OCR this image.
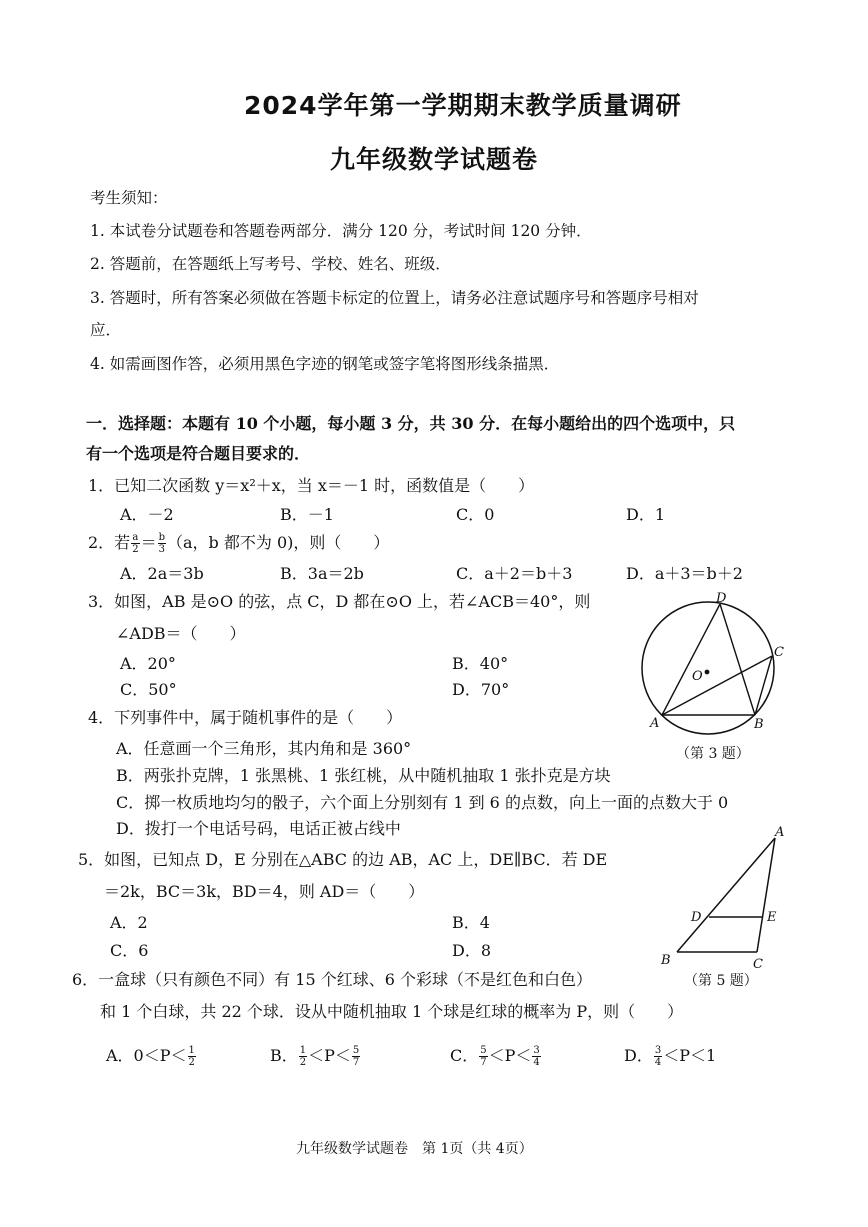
2024学年第一学期期末教学质量调研
九年级数学试题卷
考生须知：
1. 本试卷分试题卷和答题卷两部分．满分 120 分，考试时间 120 分钟．
2. 答题前，在答题纸上写考号、学校、姓名、班级．
3. 答题时，所有答案必须做在答题卡标定的位置上，请务必注意试题序号和答题序号相对
应．
4. 如需画图作答，必须用黑色字迹的钢笔或签字笔将图形线条描黑．
一．选择题：本题有 10 个小题，每小题 3 分，共 30 分．在每小题给出的四个选项中，只
有一个选项是符合题目要求的．
1．已知二次函数 y＝x²＋x，当 x＝－1 时，函数值是（　　）
A．－2	B．－1	C．0	D．1
2．若 $\frac{a}{2} = \frac{b}{3} (a$，b 都不为 0)，则（　　）
A．2a＝3b	B．3a＝2b	C．a＋2＝b＋3	D．a＋3＝b＋2
3．如图，AB 是⊙O 的弦，点 C，D 都在⊙O 上，若∠ACB＝40°，则
∠ADB＝（　　）
A．20°	B．40°
C．50°	D．70°
D
C
O
A	B
（第 3 题）
4．下列事件中，属于随机事件的是（　　）
A．任意画一个三角形，其内角和是 360°
B．两张扑克牌，1 张黑桃、1 张红桃，从中随机抽取 1 张扑克是方块
C．掷一枚质地均匀的骰子，六个面上分别刻有 1 到 6 的点数，向上一面的点数大于 0
D．拨打一个电话号码，电话正被占线中
5．如图，已知点 D，E 分别在△ABC 的边 AB，AC 上，DE∥BC．若 DE
＝2k，BC＝3k，BD＝4，则 AD＝（　　）
A．2	B．4
C．6	D．8
A
D	E
B	C
（第 5 题）
6．一盒球（只有颜色不同）有 15 个红球、6 个彩球（不是红色和白色）
和 1 个白球，共 22 个球．设从中随机抽取 1 个球是红球的概率为 P，则（　　）
A．$0<P< \frac{1}{2}$	B． $\frac{1}{2} <P< \frac{5}{7}$	C． $\frac{5}{7} <P< \frac{3}{4}$	D． $\frac{3}{4} <P<1$
九年级数学试题卷　第 1页（共 4页）
